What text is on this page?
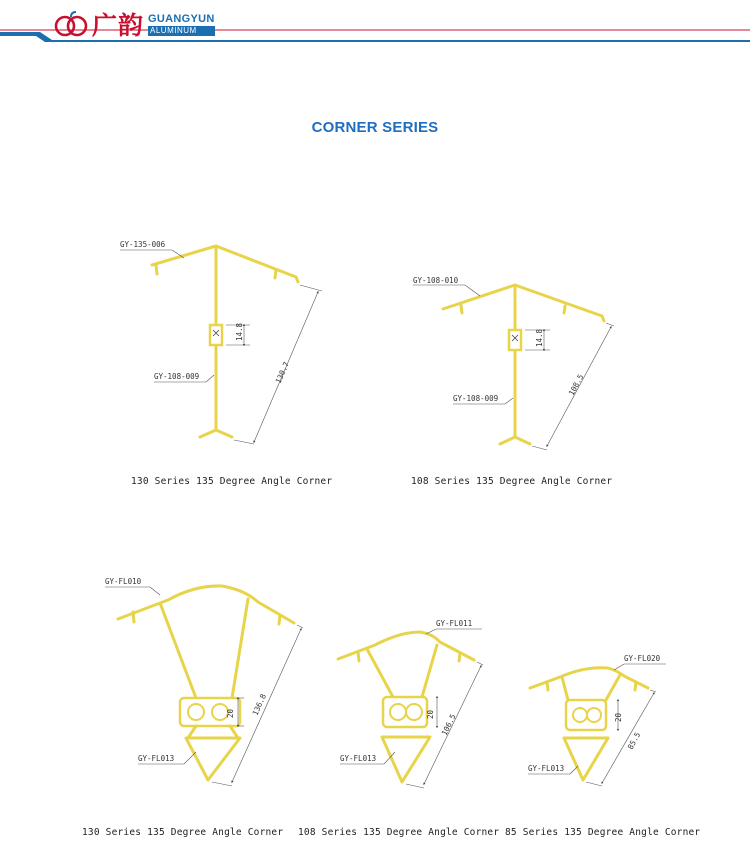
广韵 GUANGYUN
ALUMINUM
CORNER SERIES
GY-135-006
GY-108-009
14.8
130.7
GY-108-010
GY-108-009
14.8
108.5
GY-FL010
GY-FL013
20 136.8
GY-FL011
GY-FL013
20 106.5
GY-FL020
GY-FL013
20
85.5
130 Series 135 Degree Angle Corner	108 Series 135 Degree Angle Corner
130 Series 135 Degree Angle Corner 108 Series 135 Degree Angle Corner 85 Series 135 Degree Angle Corner
